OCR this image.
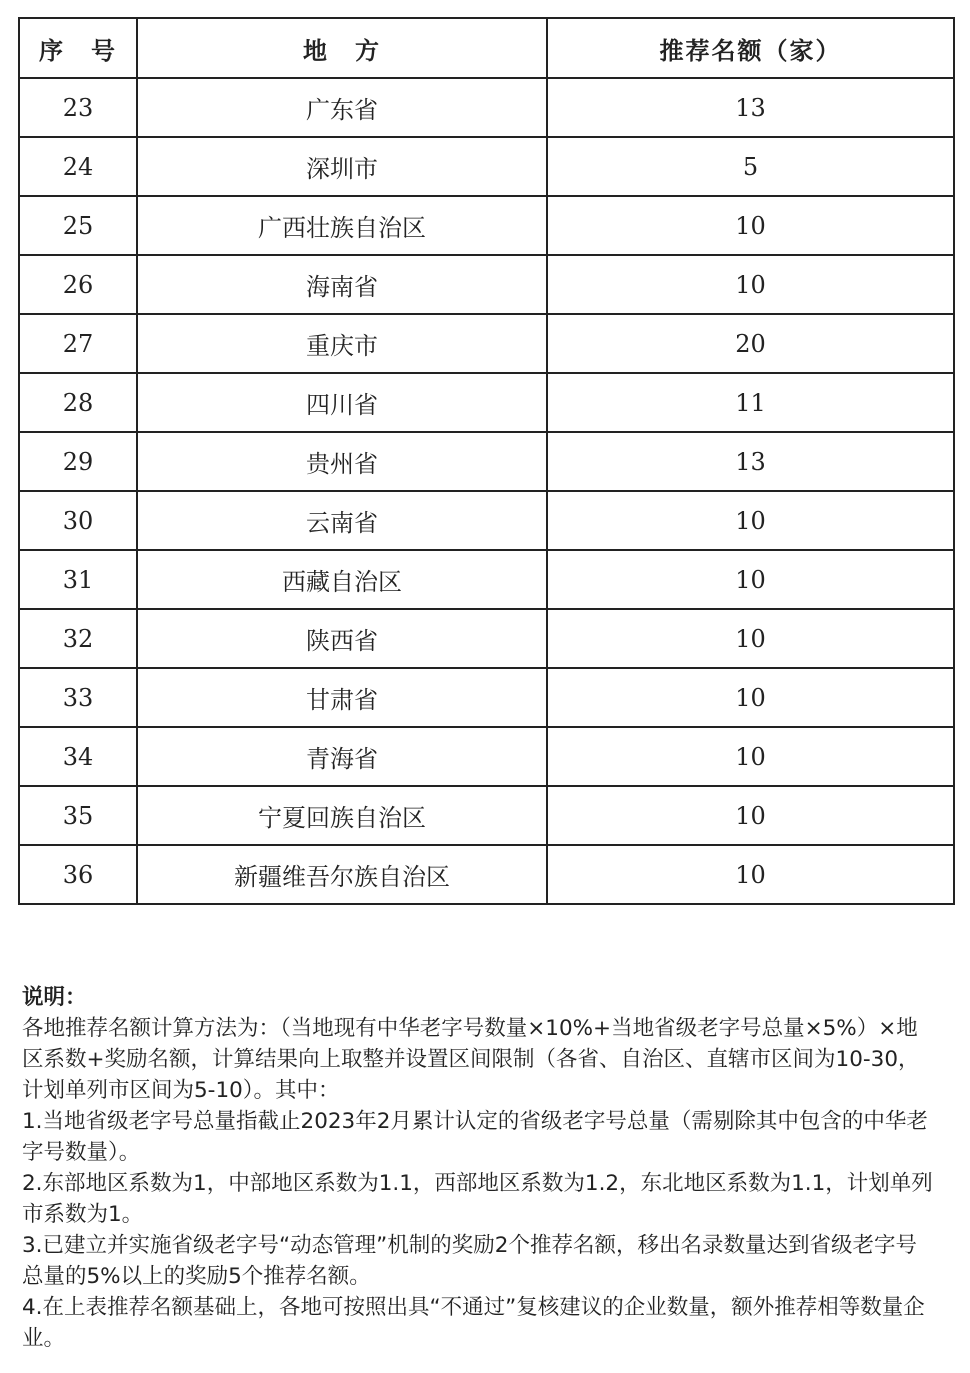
序　号	地　方	推荐名额（家）
23	广东省	13
24	深圳市	5
25	广西壮族自治区	10
26	海南省	10
27	重庆市	20
28	四川省	11
29	贵州省	13
30	云南省	10
31	西藏自治区	10
32	陕西省	10
33	甘肃省	10
34	青海省	10
35	宁夏回族自治区	10
36	新疆维吾尔族自治区	10
说明：

各地推荐名额计算方法为：（当地现有中华老字号数量×10%+当地省级老字号总量×5%）×地区系数+奖励名额，计算结果向上取整并设置区间限制（各省、自治区、直辖市区间为10-30，计划单列市区间为5-10）。其中：

1.当地省级老字号总量指截止2023年2月累计认定的省级老字号总量（需剔除其中包含的中华老字号数量）。

2.东部地区系数为1，中部地区系数为1.1，西部地区系数为1.2，东北地区系数为1.1，计划单列市系数为1。

3.已建立并实施省级老字号“动态管理”机制的奖励2个推荐名额，移出名录数量达到省级老字号总量的5%以上的奖励5个推荐名额。

4.在上表推荐名额基础上，各地可按照出具“不通过”复核建议的企业数量，额外推荐相等数量企业。
